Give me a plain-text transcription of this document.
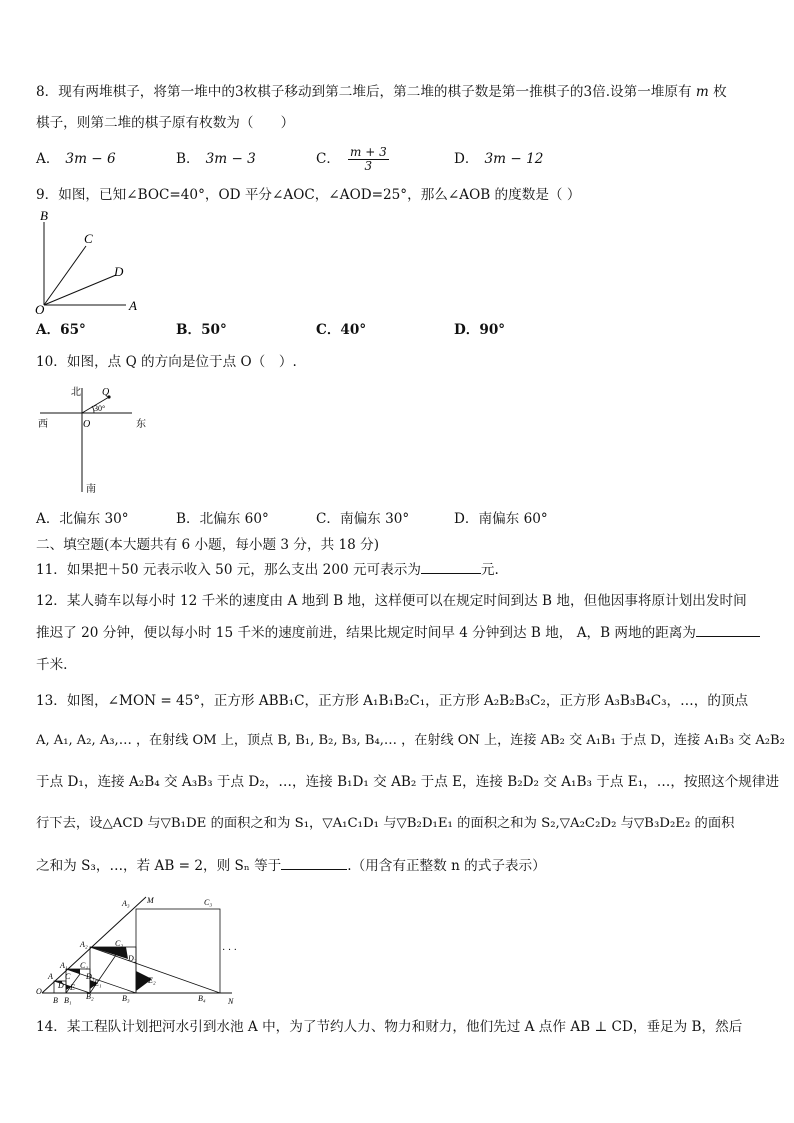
8．现有两堆棋子，将第一堆中的3枚棋子移动到第二堆后，第二堆的棋子数是第一推棋子的3倍.设第一堆原有 m 枚
棋子，则第二堆的棋子原有枚数为（　　）
A． 3m − 6	B． 3m − 3	C． $\frac{m + 3}{3}$	D． 3m − 12
9．如图，已知∠BOC=40°，OD 平分∠AOC，∠AOD=25°，那么∠AOB 的度数是（ ）
B
C
D
O	A
A．65°	B．50°	C．40°	D．90°
10．如图，点 Q 的方向是位于点 O（　）.
北
南
西	东
O
Q
30°
A．北偏东 30°	B．北偏东 60°	C．南偏东 30°	D．南偏东 60°
二、填空题(本大题共有 6 小题，每小题 3 分，共 18 分)
11．如果把＋50 元表示收入 50 元，那么支出 200 元可表示为	元.
12．某人骑车以每小时 12 千米的速度由 A 地到 B 地，这样便可以在规定时间到达 B 地，但他因事将原计划出发时间
推迟了 20 分钟，便以每小时 15 千米的速度前进，结果比规定时间早 4 分钟到达 B 地， A，B 两地的距离为
千米.
13．如图，∠MON = 45°，正方形 ABB₁C，正方形 A₁B₁B₂C₁，正方形 A₂B₂B₃C₂，正方形 A₃B₃B₄C₃，…，的顶点
A, A₁, A₂, A₃,… ，在射线 OM 上，顶点 B, B₁, B₂, B₃, B₄,… ，在射线 ON 上，连接 AB₂ 交 A₁B₁ 于点 D，连接 A₁B₃ 交 A₂B₂
于点 D₁，连接 A₂B₄ 交 A₃B₃ 于点 D₂，…，连接 B₁D₁ 交 AB₂ 于点 E，连接 B₂D₂ 交 A₁B₃ 于点 E₁，…，按照这个规律进
行下去，设△ACD 与▽B₁DE 的面积之和为 S₁，▽A₁C₁D₁ 与▽B₂D₁E₁ 的面积之和为 S₂,▽A₂C₂D₂ 与▽B₃D₂E₂ 的面积
之和为 S₃，…，若 AB = 2，则 Sₙ 等于	.（用含有正整数 n 的式子表示）
M
N
O
A
A₁
A₂
A₃
B B₁ B₂	B₃	B₄
C
C₁
C₂
C₃
D
D₁
D₂
E E₁	E₂
· · ·
14．某工程队计划把河水引到水池 A 中，为了节约人力、物力和财力，他们先过 A 点作 AB ⊥ CD，垂足为 B，然后
